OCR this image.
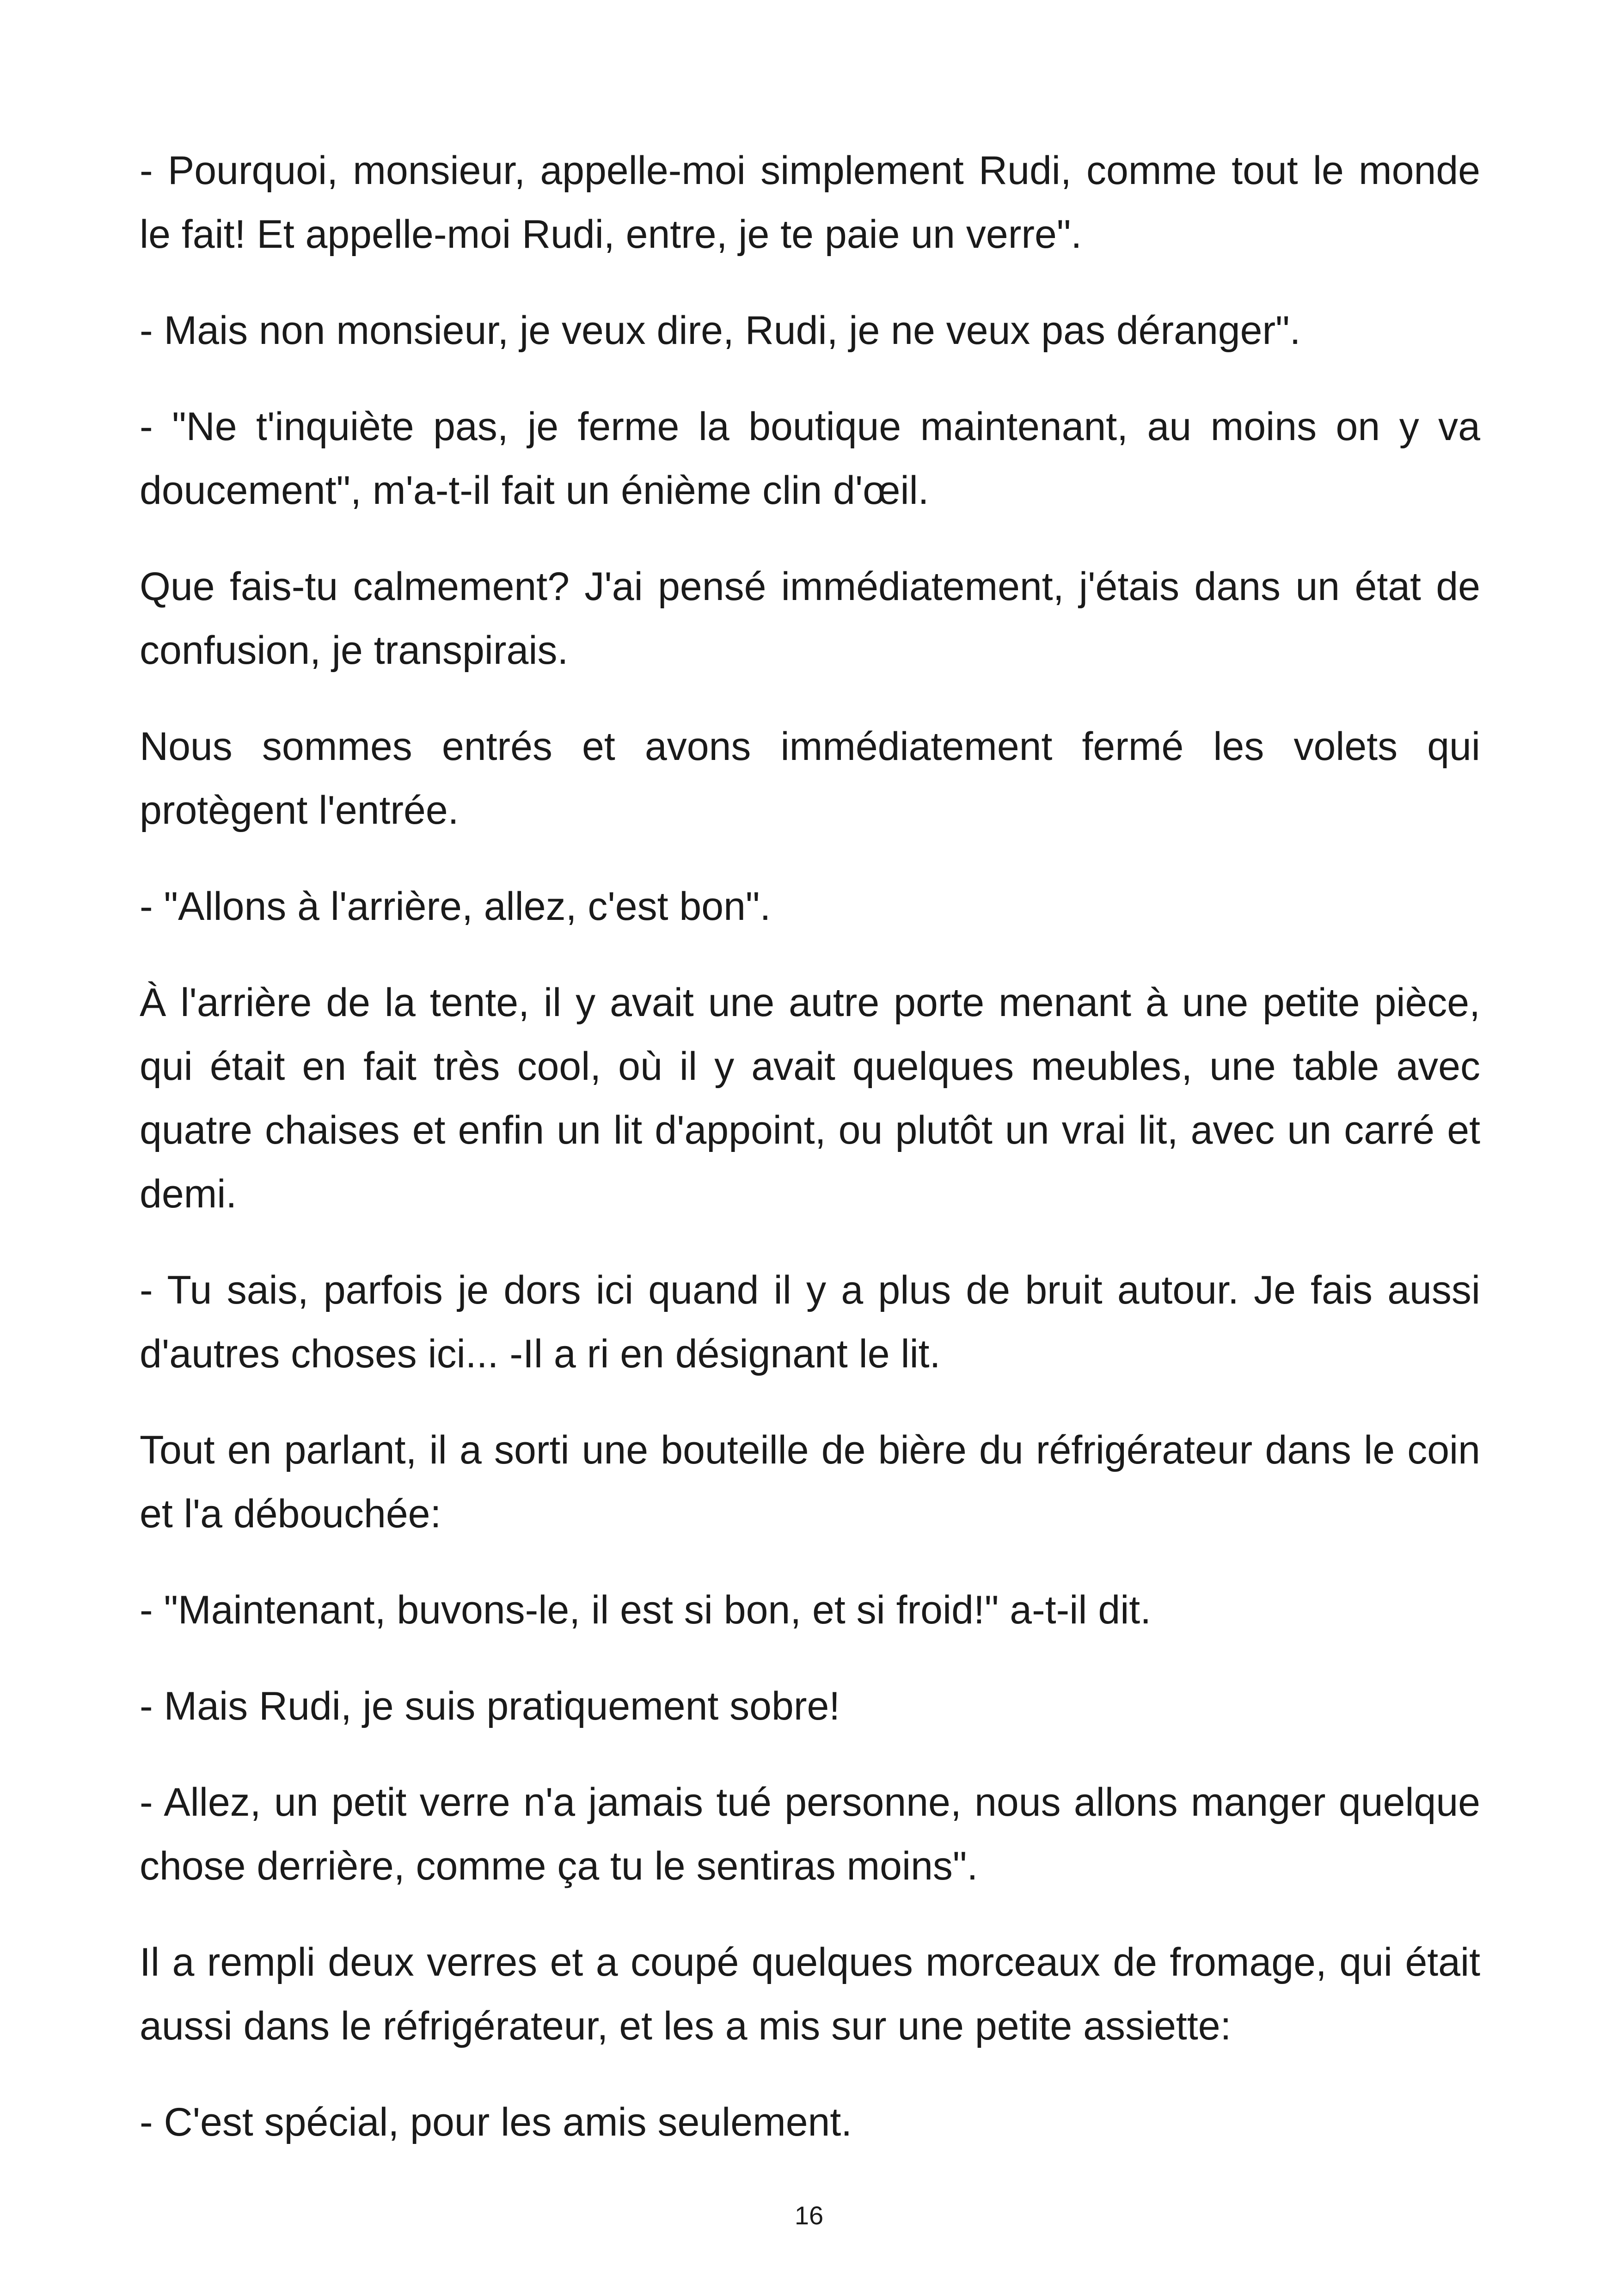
- Pourquoi, monsieur, appelle-moi simplement Rudi, comme tout le monde le fait! Et appelle-moi Rudi, entre, je te paie un verre".

- Mais non monsieur, je veux dire, Rudi, je ne veux pas déranger".

- "Ne t'inquiète pas, je ferme la boutique maintenant, au moins on y va doucement", m'a-t-il fait un énième clin d'œil.

Que fais-tu calmement? J'ai pensé immédiatement, j'étais dans un état de confusion, je transpirais.

Nous sommes entrés et avons immédiatement fermé les volets qui protègent l'entrée.

- "Allons à l'arrière, allez, c'est bon".

À l'arrière de la tente, il y avait une autre porte menant à une petite pièce, qui était en fait très cool, où il y avait quelques meubles, une table avec quatre chaises et enfin un lit d'appoint, ou plutôt un vrai lit, avec un carré et demi.

- Tu sais, parfois je dors ici quand il y a plus de bruit autour. Je fais aussi d'autres choses ici... -Il a ri en désignant le lit.

Tout en parlant, il a sorti une bouteille de bière du réfrigérateur dans le coin et l'a débouchée:

- "Maintenant, buvons-le, il est si bon, et si froid!" a-t-il dit.

- Mais Rudi, je suis pratiquement sobre!

- Allez, un petit verre n'a jamais tué personne, nous allons manger quelque chose derrière, comme ça tu le sentiras moins".

Il a rempli deux verres et a coupé quelques morceaux de fromage, qui était aussi dans le réfrigérateur, et les a mis sur une petite assiette:

- C'est spécial, pour les amis seulement.

16
